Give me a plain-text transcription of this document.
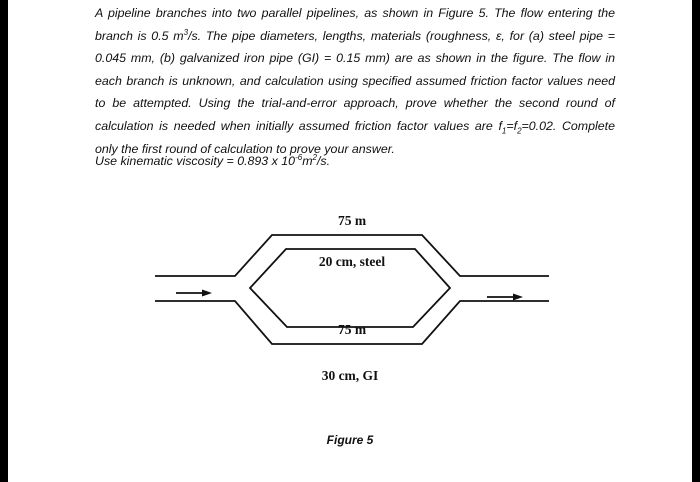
A pipeline branches into two parallel pipelines, as shown in Figure 5. The flow entering the branch is 0.5 $m^3/s$. The pipe diameters, lengths, materials (roughness, ε, for (a) steel pipe = 0.045 mm, (b) galvanized iron pipe (GI) = 0.15 mm) are as shown in the figure. The flow in each branch is unknown, and calculation using specified assumed friction factor values need to be attempted. Using the trial-and-error approach, prove whether the second round of calculation is needed when initially assumed friction factor values are $f_1=f_2=0.02$. Complete only the first round of calculation to prove your answer.

Use kinematic viscosity = 0.893 x $10^{-6}m^2/s$.
75 m
20 cm, steel
75 m
30 cm, GI
Figure 5
